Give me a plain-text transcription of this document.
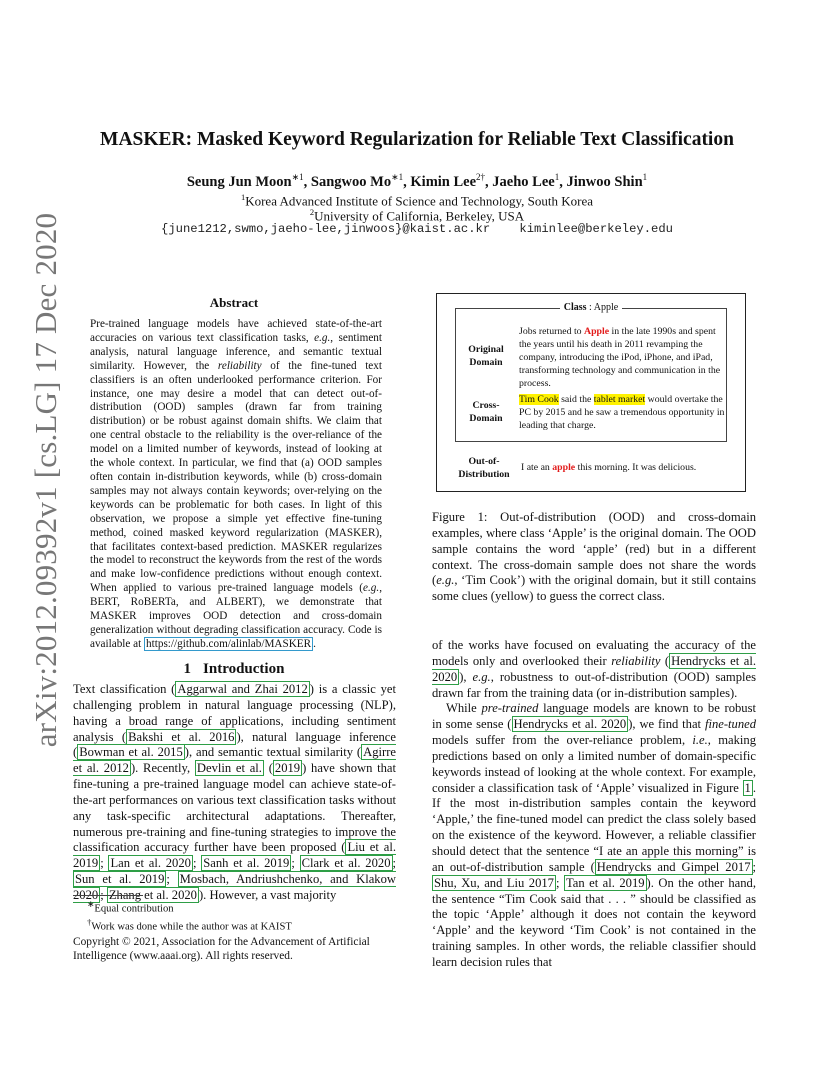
arXiv:2012.09392v1 [cs.LG] 17 Dec 2020
MASKER: Masked Keyword Regularization for Reliable Text Classification
Seung Jun Moon$^{∗1}$, Sangwoo $Mo^{∗1}$, Kimin Lee$^{2\dagger}$, Jaeho Lee$^1$, Jinwoo Shin$^1$
$^1$Korea Advanced Institute of Science and Technology, South Korea
$^2$University of California, Berkeley, USA
{june1212,swmo,jaeho-lee,jinwoos}@kaist.ac.kr    kiminlee@berkeley.edu
Abstract
Pre-trained language models have achieved state-of-the-art accuracies on various text classification tasks, e.g., sentiment analysis, natural language inference, and semantic textual similarity. However, the reliability of the fine-tuned text classifiers is an often underlooked performance criterion. For instance, one may desire a model that can detect out-of-distribution (OOD) samples (drawn far from training distribution) or be robust against domain shifts. We claim that one central obstacle to the reliability is the over-reliance of the model on a limited number of keywords, instead of looking at the whole context. In particular, we find that (a) OOD samples often contain in-distribution keywords, while (b) cross-domain samples may not always contain keywords; over-relying on the keywords can be problematic for both cases. In light of this observation, we propose a simple yet effective fine-tuning method, coined masked keyword regularization (MASKER), that facilitates context-based prediction. MASKER regularizes the model to reconstruct the keywords from the rest of the words and make low-confidence predictions without enough context. When applied to various pre-trained language models (e.g., BERT, RoBERTa, and ALBERT), we demonstrate that MASKER improves OOD detection and cross-domain generalization without degrading classification accuracy. Code is available at https://github.com/alinlab/MASKER .
1 Introduction
Text classification ( Aggarwal and Zhai 2012 ) is a classic yet challenging problem in natural language processing (NLP), having a broad range of applications, including sentiment analysis ( Bakshi et al. 2016 ), natural language inference ( Bowman et al. 2015 ), and semantic textual similarity ( Agirre et al. 2012 ). Recently, Devlin et al. ( 2019 ) have shown that fine-tuning a pre-trained language model can achieve state-of-the-art performances on various text classification tasks without any task-specific architectural adaptations. Thereafter, numerous pre-training and fine-tuning strategies to improve the classification accuracy further have been proposed ( Liu et al. 2019 ; Lan et al. 2020 ; Sanh et al. 2019 ; Clark et al. 2020 ; Sun et al. 2019 ; Mosbach, Andriushchenko, and Klakow 2020 ; Zhang et al. 2020 ). However, a vast majority
∗Equal contribution
†Work was done while the author was at KAIST
Copyright © 2021, Association for the Advancement of Artificial Intelligence (www.aaai.org). All rights reserved.
Class : Apple
Original
Domain
Jobs returned to Apple in the late 1990s and spent the years until his death in 2011 revamping the company, introducing the iPod, iPhone, and iPad, transforming technology and communication in the process.
Cross-
Domain
Tim Cook said the tablet market would overtake the PC by 2015 and he saw a tremendous opportunity in leading that charge.
Out-of-
Distribution
I ate an apple this morning. It was delicious.
Figure 1: Out-of-distribution (OOD) and cross-domain examples, where class ‘Apple’ is the original domain. The OOD sample contains the word ‘apple’ (red) but in a different context. The cross-domain sample does not share the words (e.g., ‘Tim Cook’) with the original domain, but it still contains some clues (yellow) to guess the correct class.
of the works have focused on evaluating the accuracy of the models only and overlooked their reliability ( Hendrycks et al. 2020 ), e.g., robustness to out-of-distribution (OOD) samples drawn far from the training data (or in-distribution samples).
While pre-trained language models are known to be robust in some sense ( Hendrycks et al. 2020 ), we find that fine-tuned models suffer from the over-reliance problem, i.e., making predictions based on only a limited number of domain-specific keywords instead of looking at the whole context. For example, consider a classification task of ‘Apple’ visualized in Figure 1 . If the most in-distribution samples contain the keyword ‘Apple,’ the fine-tuned model can predict the class solely based on the existence of the keyword. However, a reliable classifier should detect that the sentence “I ate an apple this morning” is an out-of-distribution sample ( Hendrycks and Gimpel 2017 ; Shu, Xu, and Liu 2017 ; Tan et al. 2019 ). On the other hand, the sentence “Tim Cook said that . . . ” should be classified as the topic ‘Apple’ although it does not contain the keyword ‘Apple’ and the keyword ‘Tim Cook’ is not contained in the training samples. In other words, the reliable classifier should learn decision rules that
